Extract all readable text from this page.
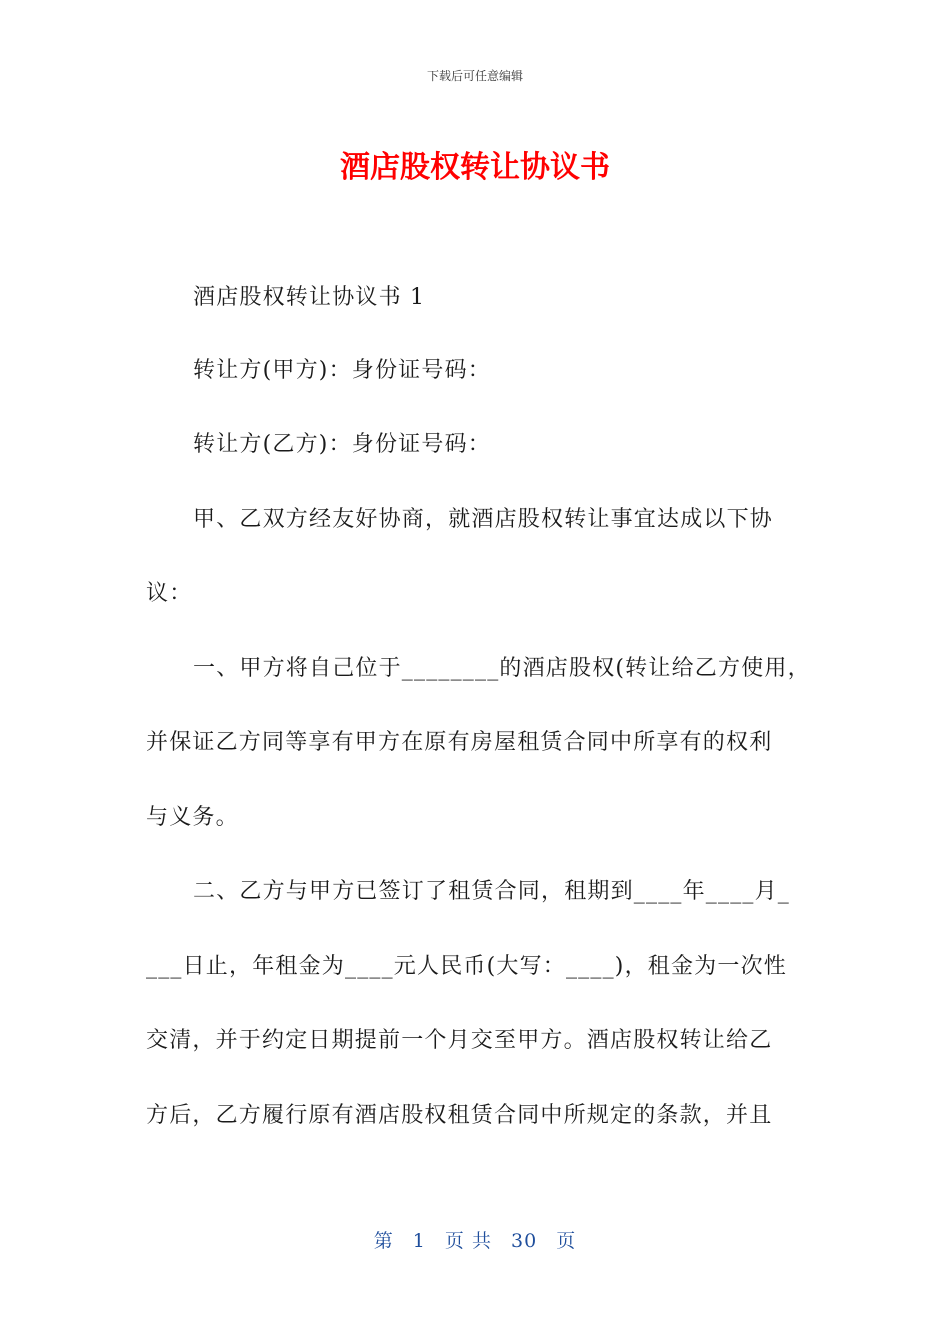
下载后可任意编辑
酒店股权转让协议书
酒店股权转让协议书 1
转让方(甲方)：身份证号码：
转让方(乙方)：身份证号码：
甲、乙双方经友好协商，就酒店股权转让事宜达成以下协
议：
一、甲方将自己位于________的酒店股权(转让给乙方使用，
并保证乙方同等享有甲方在原有房屋租赁合同中所享有的权利
与义务。
二、乙方与甲方已签订了租赁合同，租期到____年____月_
___日止，年租金为____元人民币(大写：____)，租金为一次性
交清，并于约定日期提前一个月交至甲方。酒店股权转让给乙
方后，乙方履行原有酒店股权租赁合同中所规定的条款，并且
第 1 页 共 30 页
